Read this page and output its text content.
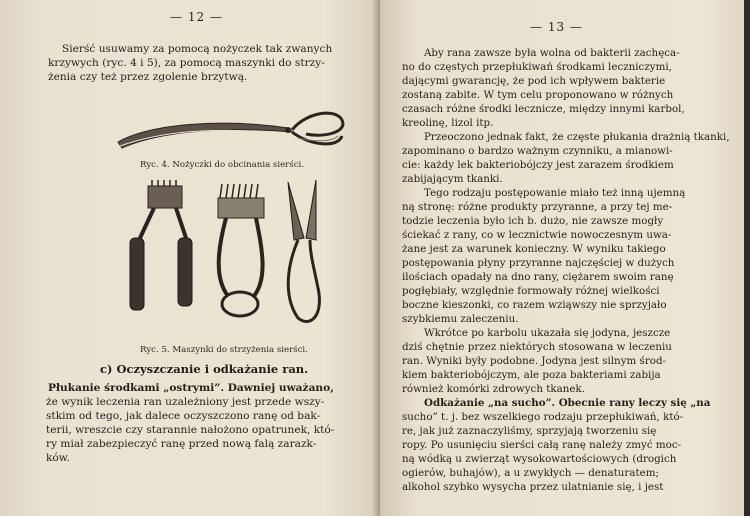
— 12 —
Sierść usuwamy za pomocą nożyczek tak zwanych
krzywych (ryc. 4 i 5), za pomocą maszynki do strzy-
żenia czy też przez zgolenie brzytwą.
Ryc. 4. Nożyczki do obcinania sierści.
Ryc. 5. Maszynki do strzyżenia sierści.
c) Oczyszczanie i odkażanie ran.
Płukanie środkami „ostrymi”. Dawniej uważano,
że wynik leczenia ran uzależniony jest przede wszy-
stkim od tego, jak dalece oczyszczono ranę od bak-
terii, wreszcie czy starannie nałożono opatrunek, któ-
ry miał zabezpieczyć ranę przed nową falą zarazk-
ków.
— 13 —
Aby rana zawsze była wolna od bakterii zachęca-
no do częstych przepłukiwań środkami leczniczymi,
dającymi gwarancję, że pod ich wpływem bakterie
zostaną zabite. W tym celu proponowano w różnych
czasach różne środki lecznicze, między innymi karbol,
kreolinę, lizol itp.
Przeoczono jednak fakt, że częste płukania drażnią tkanki,
zapominano o bardzo ważnym czynniku, a mianowi-
cie: każdy lek bakteriobójczy jest zarazem środkiem
zabijającym tkanki.
Tego rodzaju postępowanie miało też inną ujemną
ną stronę: różne produkty przyranne, a przy tej me-
todzie leczenia było ich b. dużo, nie zawsze mogły
ściekać z rany, co w lecznictwie nowoczesnym uwa-
żane jest za warunek konieczny. W wyniku takiego
postępowania płyny przyranne najczęściej w dużych
ilościach opadały na dno rany, ciężarem swoim ranę
pogłębiały, względnie formowały różnej wielkości
boczne kieszonki, co razem wziąwszy nie sprzyjało
szybkiemu zaleczeniu.
Wkrótce po karbolu ukazała się jodyna, jeszcze
dziś chętnie przez niektórych stosowana w leczeniu
ran. Wyniki były podobne. Jodyna jest silnym środ-
kiem bakteriobójczym, ale poza bakteriami zabija
również komórki zdrowych tkanek.
Odkażanie „na sucho”. Obecnie rany leczy się „na
sucho” t. j. bez wszelkiego rodzaju przepłukiwań, któ-
re, jak już zaznaczyliśmy, sprzyjają tworzeniu się
ropy. Po usunięciu sierści całą ranę należy zmyć moc-
ną wódką u zwierząt wysokowartościowych (drogich
ogierów, buhajów), a u zwykłych — denaturatem;
alkohol szybko wysycha przez ulatnianie się, i jest
